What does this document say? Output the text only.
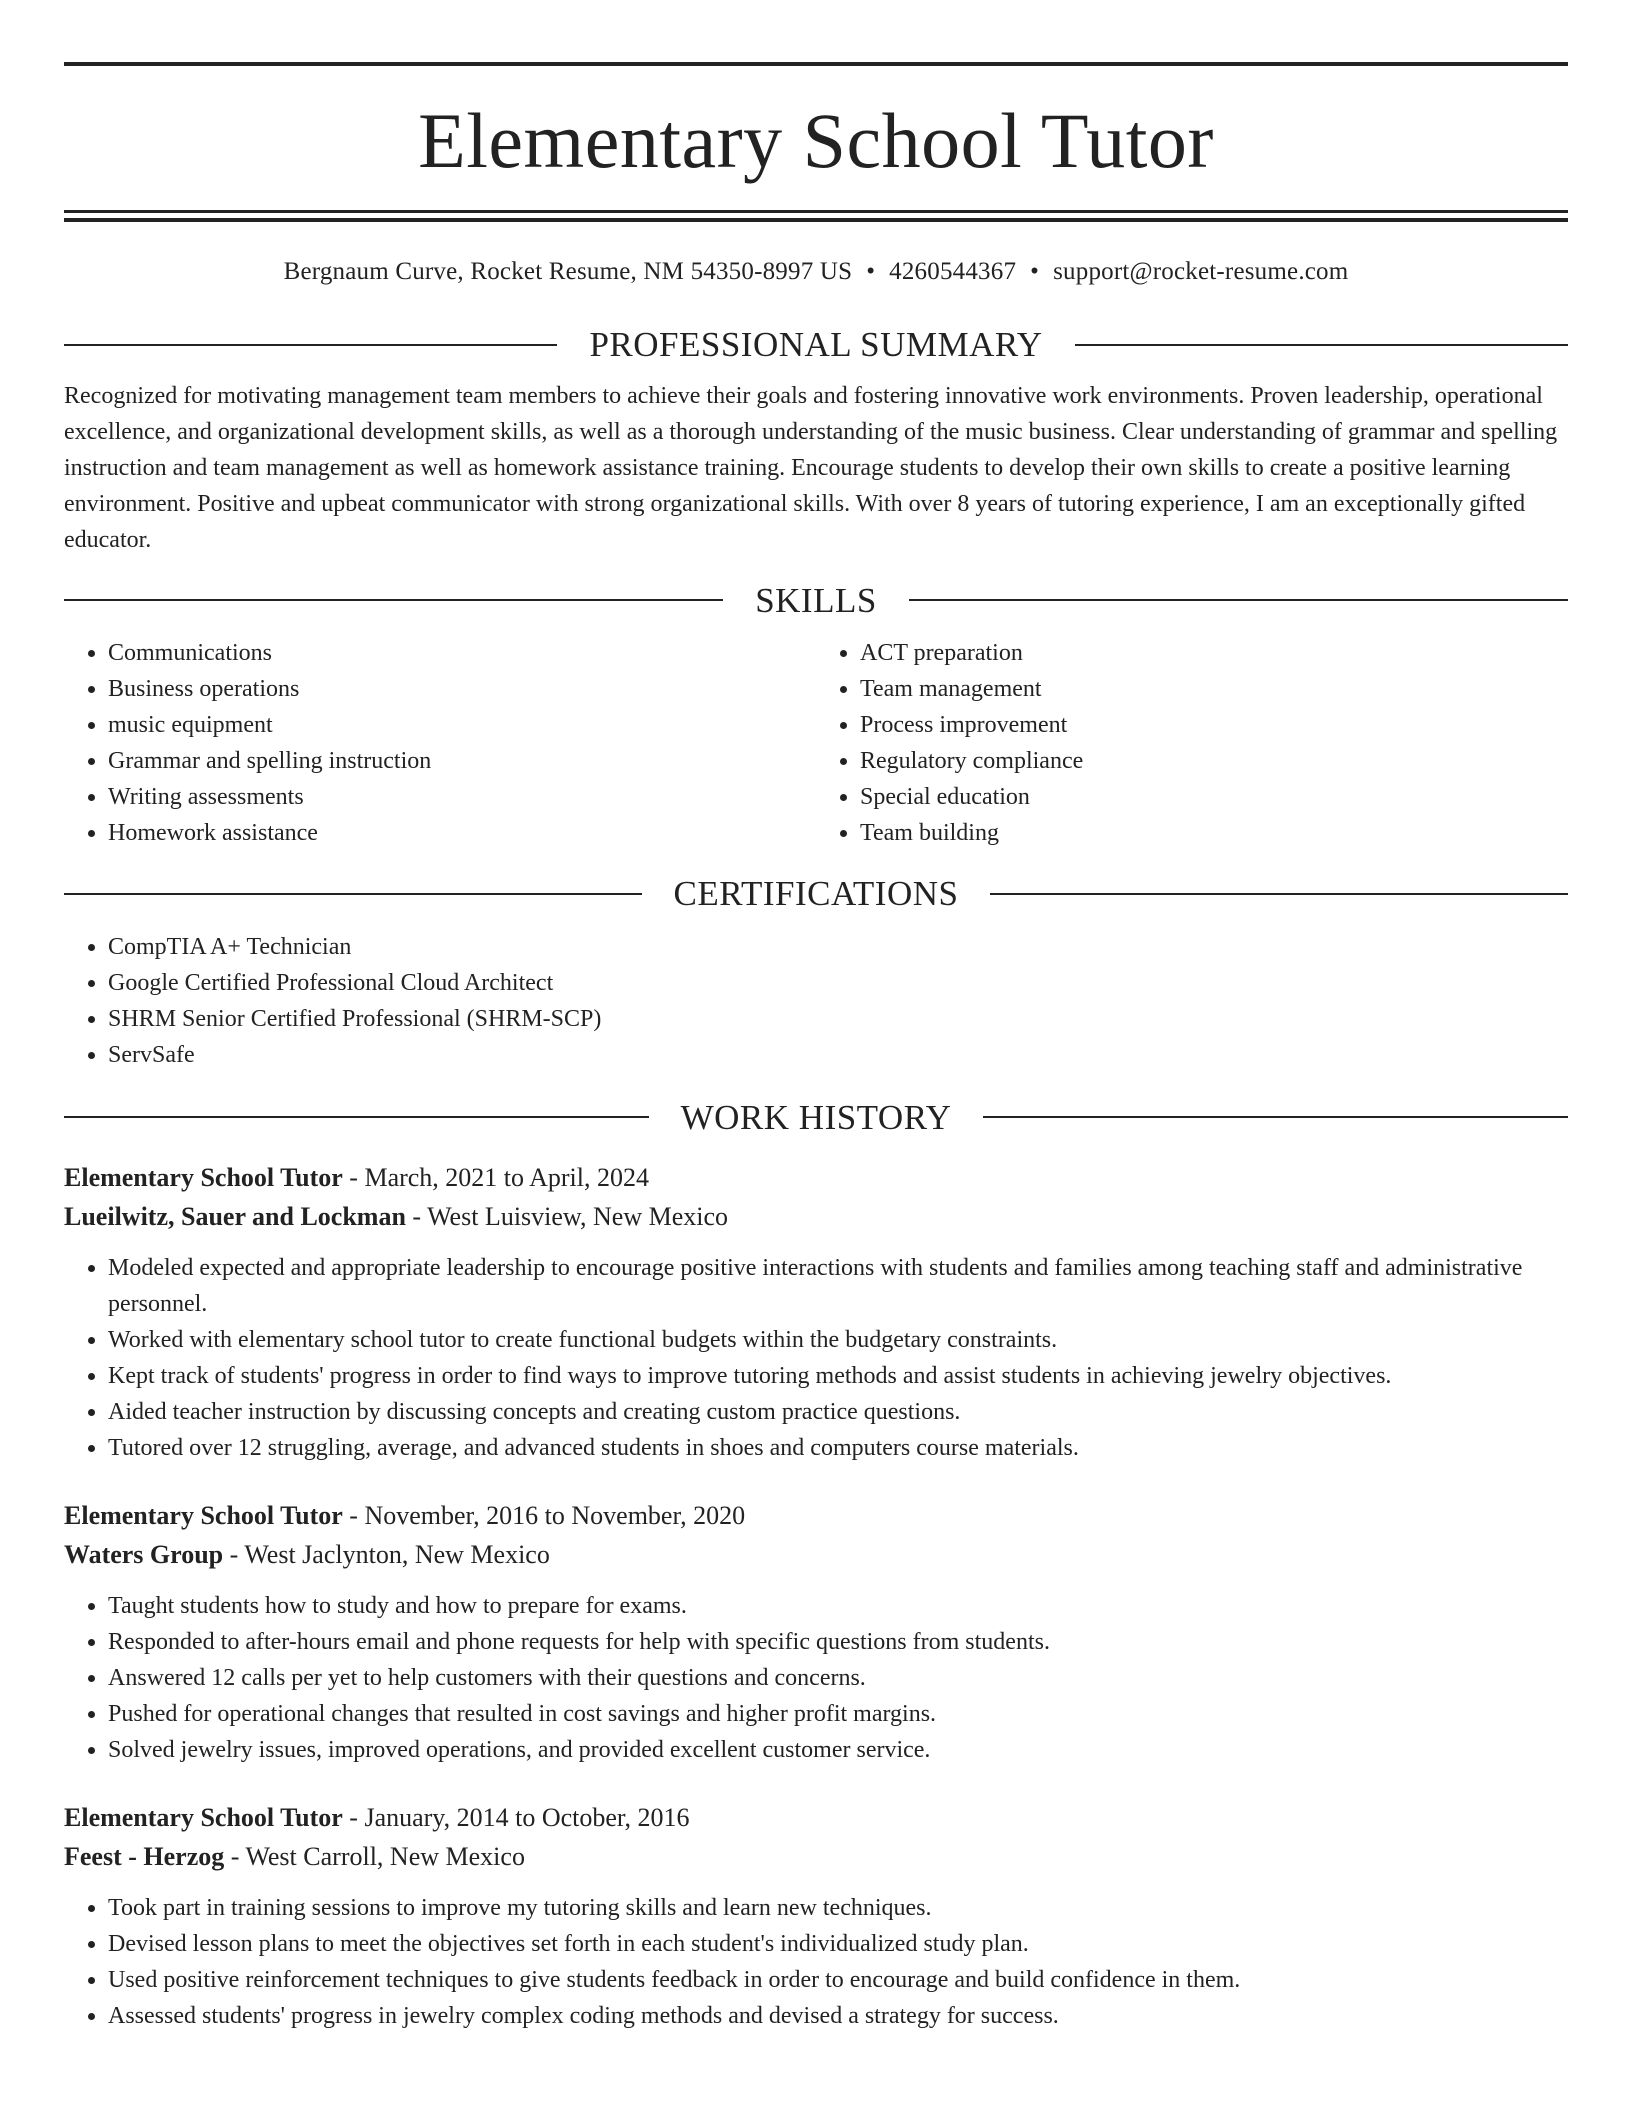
Elementary School Tutor
Bergnaum Curve, Rocket Resume, NM 54350-8997 US • 4260544367 • support@rocket-resume.com
PROFESSIONAL SUMMARY
Recognized for motivating management team members to achieve their goals and fostering innovative work environments. Proven leadership, operational excellence, and organizational development skills, as well as a thorough understanding of the music business. Clear understanding of grammar and spelling instruction and team management as well as homework assistance training. Encourage students to develop their own skills to create a positive learning environment. Positive and upbeat communicator with strong organizational skills. With over 8 years of tutoring experience, I am an exceptionally gifted educator.
SKILLS
• Communications
• Business operations
• music equipment
• Grammar and spelling instruction
• Writing assessments
• Homework assistance
• ACT preparation
• Team management
• Process improvement
• Regulatory compliance
• Special education
• Team building
CERTIFICATIONS
• CompTIA A+ Technician
• Google Certified Professional Cloud Architect
• SHRM Senior Certified Professional (SHRM-SCP)
• ServSafe
WORK HISTORY
Elementary School Tutor - March, 2021 to April, 2024
Lueilwitz, Sauer and Lockman - West Luisview, New Mexico
• Modeled expected and appropriate leadership to encourage positive interactions with students and families among teaching staff and administrative personnel.
• Worked with elementary school tutor to create functional budgets within the budgetary constraints.
• Kept track of students' progress in order to find ways to improve tutoring methods and assist students in achieving jewelry objectives.
• Aided teacher instruction by discussing concepts and creating custom practice questions.
• Tutored over 12 struggling, average, and advanced students in shoes and computers course materials.
Elementary School Tutor - November, 2016 to November, 2020
Waters Group - West Jaclynton, New Mexico
• Taught students how to study and how to prepare for exams.
• Responded to after-hours email and phone requests for help with specific questions from students.
• Answered 12 calls per yet to help customers with their questions and concerns.
• Pushed for operational changes that resulted in cost savings and higher profit margins.
• Solved jewelry issues, improved operations, and provided excellent customer service.
Elementary School Tutor - January, 2014 to October, 2016
Feest - Herzog - West Carroll, New Mexico
• Took part in training sessions to improve my tutoring skills and learn new techniques.
• Devised lesson plans to meet the objectives set forth in each student's individualized study plan.
• Used positive reinforcement techniques to give students feedback in order to encourage and build confidence in them.
• Assessed students' progress in jewelry complex coding methods and devised a strategy for success.
